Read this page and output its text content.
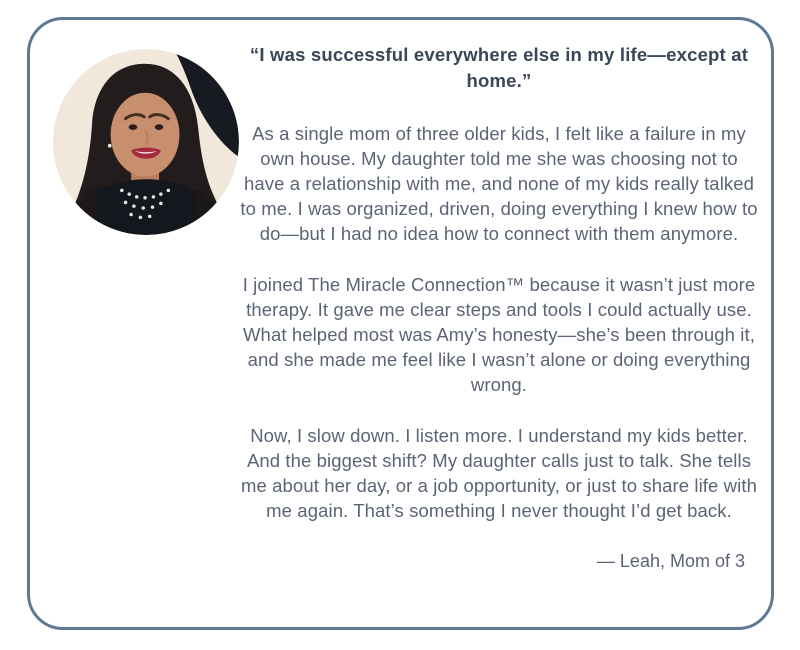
“I was successful everywhere else in my life—except at home.”

As a single mom of three older kids, I felt like a failure in my own house. My daughter told me she was choosing not to have a relationship with me, and none of my kids really talked to me. I was organized, driven, doing everything I knew how to do—but I had no idea how to connect with them anymore.

I joined The Miracle Connection™ because it wasn’t just more therapy. It gave me clear steps and tools I could actually use. What helped most was Amy’s honesty—she’s been through it, and she made me feel like I wasn’t alone or doing everything wrong.

Now, I slow down. I listen more. I understand my kids better. And the biggest shift? My daughter calls just to talk. She tells me about her day, or a job opportunity, or just to share life with me again. That’s something I never thought I’d get back.

— Leah, Mom of 3
